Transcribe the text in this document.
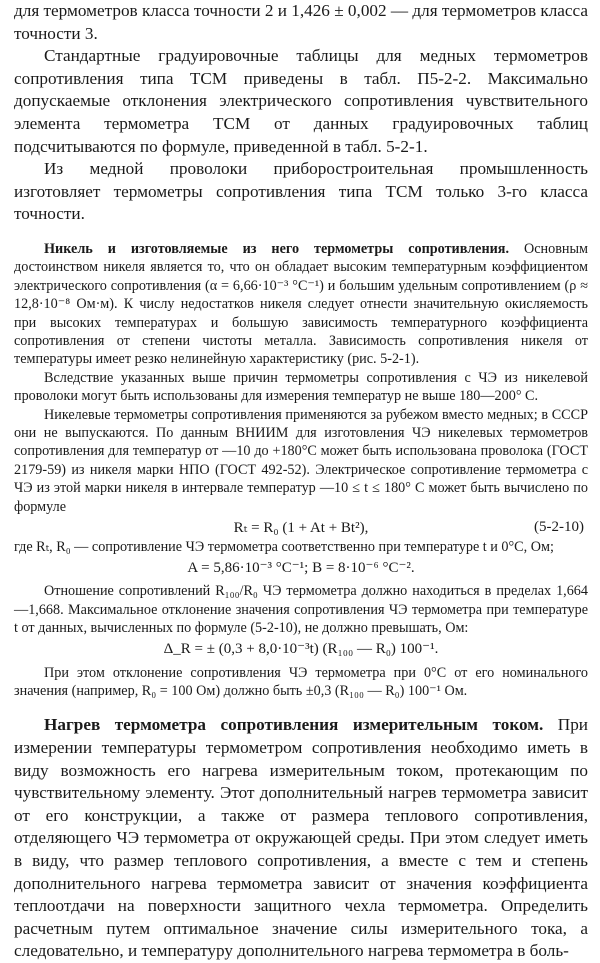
для термометров класса точности 2 и 1,426 ± 0,002 — для термометров класса точности 3.

Стандартные градуировочные таблицы для медных термометров сопротивления типа ТСМ приведены в табл. П5-2-2. Максимально допускаемые отклонения электрического сопротивления чувствительного элемента термометра ТСМ от данных градуировочных таблиц подсчитываются по формуле, приведенной в табл. 5-2-1.

Из медной проволоки приборостроительная промышленность изготовляет термометры сопротивления типа ТСМ только 3-го класса точности.

Никель и изготовляемые из него термометры сопротивления. Основным достоинством никеля является то, что он обладает высоким температурным коэффициентом электрического сопротивления (α = 6,66·10⁻³ °C⁻¹) и большим удельным сопротивлением (ρ ≈ 12,8·10⁻⁸ Ом·м). К числу недостатков никеля следует отнести значительную окисляемость при высоких температурах и большую зависимость температурного коэффициента сопротивления от степени чистоты металла. Зависимость сопротивления никеля от температуры имеет резко нелинейную характеристику (рис. 5-2-1).

Вследствие указанных выше причин термометры сопротивления с ЧЭ из никелевой проволоки могут быть использованы для измерения температур не выше 180—200° С.

Никелевые термометры сопротивления применяются за рубежом вместо медных; в СССР они не выпускаются. По данным ВНИИМ для изготовления ЧЭ никелевых термометров сопротивления для температур от —10 до +180°С может быть использована проволока (ГОСТ 2179-59) из никеля марки НПО (ГОСТ 492-52). Электрическое сопротивление термометра с ЧЭ из этой марки никеля в интервале температур —10 ≤ t ≤ 180° С может быть вычислено по формуле

Rₜ = R₀ (1 + At + Bt²),	(5-2-10)

где Rₜ, R₀ — сопротивление ЧЭ термометра соответственно при температуре t и 0°С, Ом;

A = 5,86·10⁻³ °C⁻¹; B = 8·10⁻⁶ °C⁻².

Отношение сопротивлений R₁₀₀/R₀ ЧЭ термометра должно находиться в пределах 1,664—1,668. Максимальное отклонение значения сопротивления ЧЭ термометра при температуре t от данных, вычисленных по формуле (5-2-10), не должно превышать, Ом:

Δ_R = ± (0,3 + 8,0·10⁻³t) (R₁₀₀ — R₀) 100⁻¹.

При этом отклонение сопротивления ЧЭ термометра при 0°С от его номинального значения (например, R₀ = 100 Ом) должно быть ±0,3 (R₁₀₀ — R₀) 100⁻¹ Ом.

Нагрев термометра сопротивления измерительным током. При измерении температуры термометром сопротивления необходимо иметь в виду возможность его нагрева измерительным током, протекающим по чувствительному элементу. Этот дополнительный нагрев термометра зависит от его конструкции, а также от размера теплового сопротивления, отделяющего ЧЭ термометра от окружающей среды. При этом следует иметь в виду, что размер теплового сопротивления, а вместе с тем и степень дополнительного нагрева термометра зависит от значения коэффициента теплоотдачи на поверхности защитного чехла термометра. Определить расчетным путем оптимальное значение силы измерительного тока, а следовательно, и температуру дополнительного нагрева термометра в боль-
